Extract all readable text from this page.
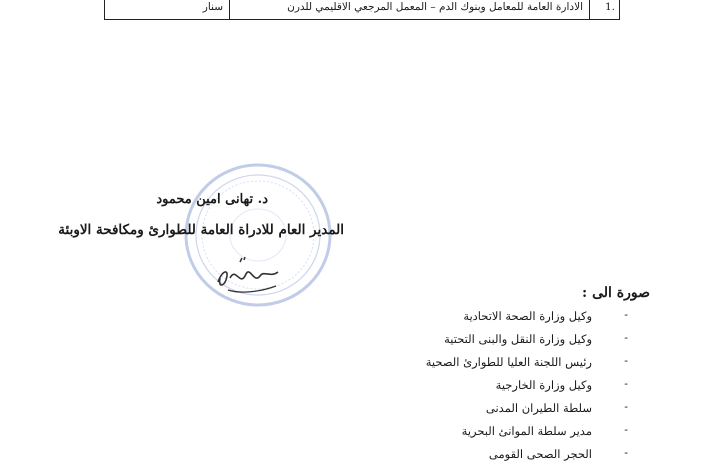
سنار	الادارة العامة للمعامل وبنوك الدم – المعمل المرجعي الاقليمي للدرن 1.
د. تهانى امين محمود
المدير العام للادراة العامة للطوارئ ومكافحة الاوبئة
صورة الى :
-
وكيل وزارة الصحة الاتحادية
-
وكيل وزارة النقل والبنى التحتية
-
رئيس اللجنة العليا للطوارئ الصحية
-
وكيل وزارة الخارجية
-
سلطة الطيران المدنى
-
مدير سلطة الموانئ البحرية
-
الحجر الصحى القومى
